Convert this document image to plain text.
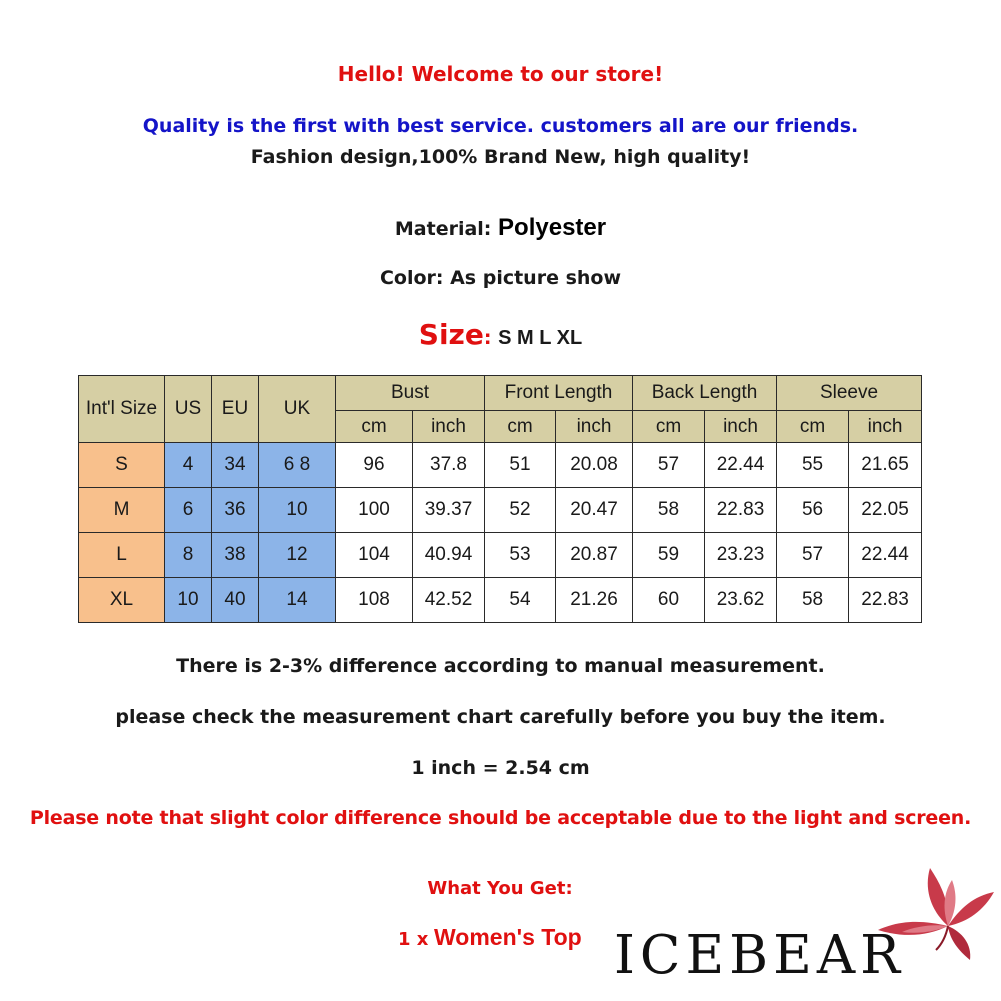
Hello! Welcome to our store!
Quality is the first with best service. customers all are our friends.
Fashion design,100% Brand New, high quality!
Material: Polyester
Color: As picture show
Size: S M L XL
Int'l Size	US	EU	UK	Bust		Front Length		Back Length		Sleeve	
				cm	inch	cm	inch	cm	inch	cm	inch
S	4	34	6 8	96	37.8	51	20.08	57	22.44	55	21.65
M	6	36	10	100	39.37	52	20.47	58	22.83	56	22.05
L	8	38	12	104	40.94	53	20.87	59	23.23	57	22.44
XL	10	40	14	108	42.52	54	21.26	60	23.62	58	22.83
There is 2-3% difference according to manual measurement.
please check the measurement chart carefully before you buy the item.
1 inch = 2.54 cm
Please note that slight color difference should be acceptable due to the light and screen.
What You Get:
1 x Women's Top ICEBEAR
